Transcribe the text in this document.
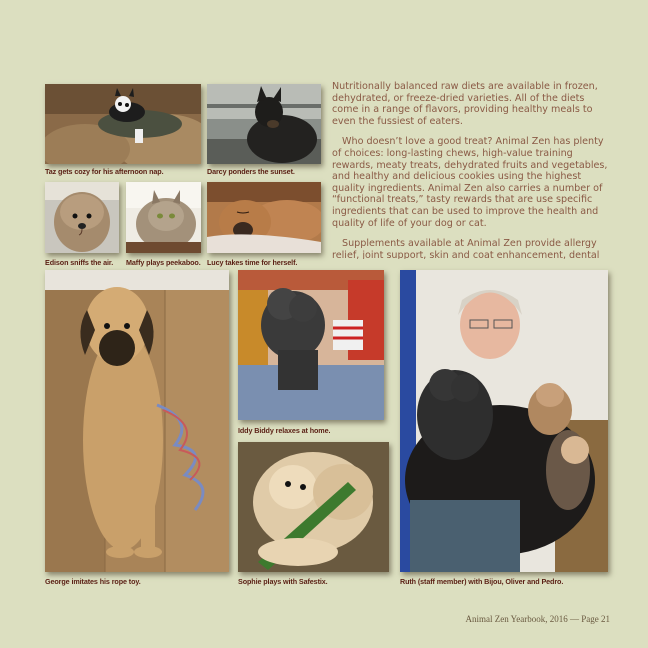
Nutritionally balanced raw diets are available in frozen, dehydrated, or freeze-dried varieties. All of the diets come in a range of flavors, providing healthy meals to even the fussiest of eaters.

Who doesn’t love a good treat? Animal Zen has plenty of choices: long-lasting chews, high-value training rewards, meaty treats, dehydrated fruits and vegetables, and healthy and delicious cookies using the highest quality ingredients. Animal Zen also carries a number of “functional treats,” tasty rewards that are use specific ingredients that can be used to improve the health and quality of life of your dog or cat.

Supplements available at Animal Zen provide allergy relief, joint support, skin and coat enhancement, dental

Taz gets cozy for his afternoon nap.	Darcy ponders the sunset.
Edison sniffs the air. Maffy plays peekaboo. Lucy takes time for herself.
George imitates his rope toy.
Iddy Biddy relaxes at home.
Sophie plays with Safestix.	Ruth (staff member) with Bijou, Oliver and Pedro.
Animal Zen Yearbook, 2016 — Page 21
